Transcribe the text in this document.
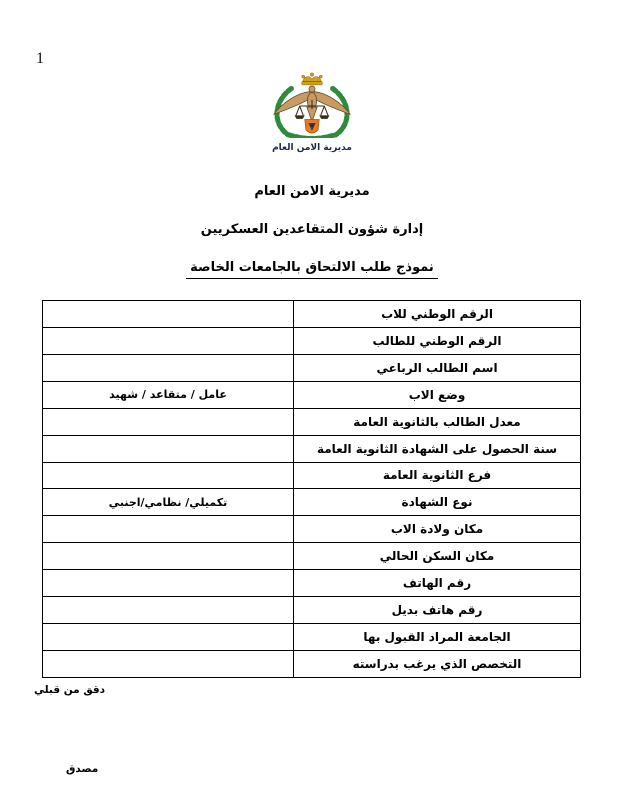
1
مديرية الامن العام
مديرية الامن العام
إدارة شؤون المتقاعدين العسكريين
نموذج طلب الالتحاق بالجامعات الخاصة
الرقم الوطني للاب
الرقم الوطني للطالب
اسم الطالب الرباعي
عامل / متقاعد / شهيد	وضع الاب
معدل الطالب بالثانوية العامة
سنة الحصول على الشهادة الثانوية العامة
فرع الثانوية العامة
تكميلي/ نظامي/اجنبي	نوع الشهادة
مكان ولادة الاب
مكان السكن الحالي
رقم الهاتف
رقم هاتف بديل
الجامعة المراد القبول بها
التخصص الذي يرغب بدراسته
دقق من قبلي
مصدق
